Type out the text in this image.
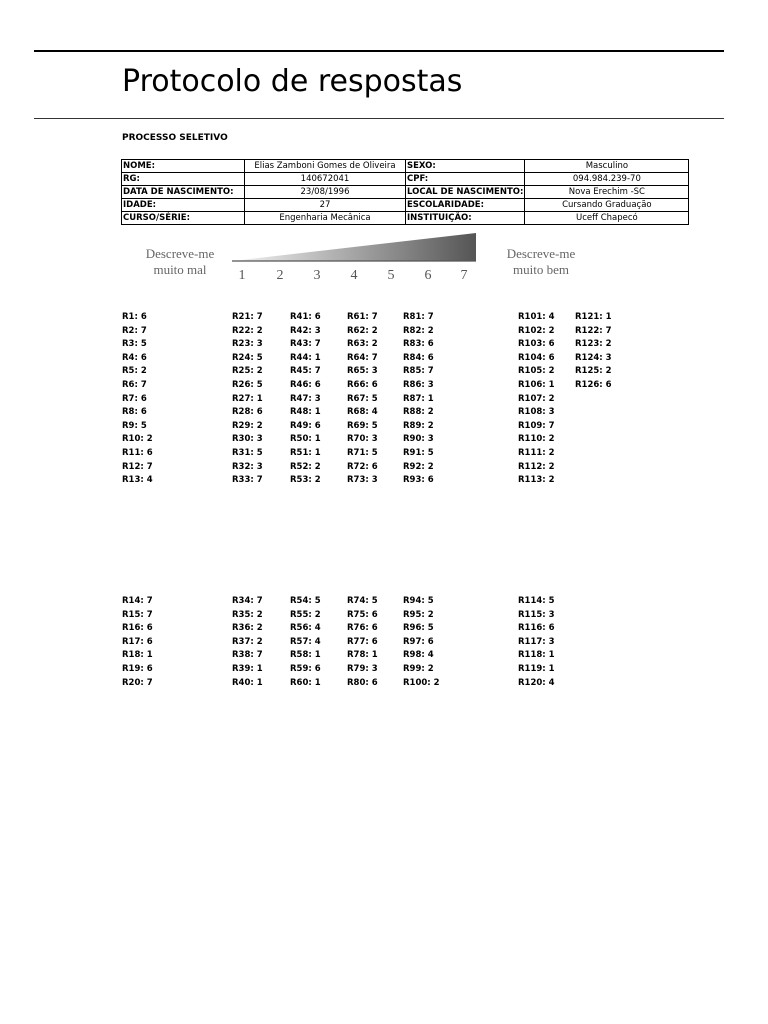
Protocolo de respostas
PROCESSO SELETIVO
NOME:	Elias Zamboni Gomes de Oliveira	SEXO:	Masculino
RG:	140672041	CPF:	094.984.239-70
DATA DE NASCIMENTO:	23/08/1996	LOCAL DE NASCIMENTO:	Nova Erechim -SC
IDADE:	27	ESCOLARIDADE:	Cursando Graduação
CURSO/SÉRIE:	Engenharia Mecânica	INSTITUIÇÃO:	Uceff Chapecó
Descreve-me
muito mal	1 2 3 4 5 6 7
Descreve-me
muito bem
R1: 6
R2: 7
R3: 5
R4: 6
R5: 2
R6: 7
R7: 6
R8: 6
R9: 5
R10: 2
R11: 6
R12: 7
R13: 4
R21: 7
R22: 2
R23: 3
R24: 5
R25: 2
R26: 5
R27: 1
R28: 6
R29: 2
R30: 3
R31: 5
R32: 3
R33: 7
R41: 6
R42: 3
R43: 7
R44: 1
R45: 7
R46: 6
R47: 3
R48: 1
R49: 6
R50: 1
R51: 1
R52: 2
R53: 2
R61: 7
R62: 2
R63: 2
R64: 7
R65: 3
R66: 6
R67: 5
R68: 4
R69: 5
R70: 3
R71: 5
R72: 6
R73: 3
R81: 7
R82: 2
R83: 6
R84: 6
R85: 7
R86: 3
R87: 1
R88: 2
R89: 2
R90: 3
R91: 5
R92: 2
R93: 6
R101: 4
R102: 2
R103: 6
R104: 6
R105: 2
R106: 1
R107: 2
R108: 3
R109: 7
R110: 2
R111: 2
R112: 2
R113: 2
R121: 1
R122: 7
R123: 2
R124: 3
R125: 2
R126: 6
R14: 7
R15: 7
R16: 6
R17: 6
R18: 1
R19: 6
R20: 7
R34: 7
R35: 2
R36: 2
R37: 2
R38: 7
R39: 1
R40: 1
R54: 5
R55: 2
R56: 4
R57: 4
R58: 1
R59: 6
R60: 1
R74: 5
R75: 6
R76: 6
R77: 6
R78: 1
R79: 3
R80: 6
R94: 5
R95: 2
R96: 5
R97: 6
R98: 4
R99: 2
R100: 2
R114: 5
R115: 3
R116: 6
R117: 3
R118: 1
R119: 1
R120: 4
